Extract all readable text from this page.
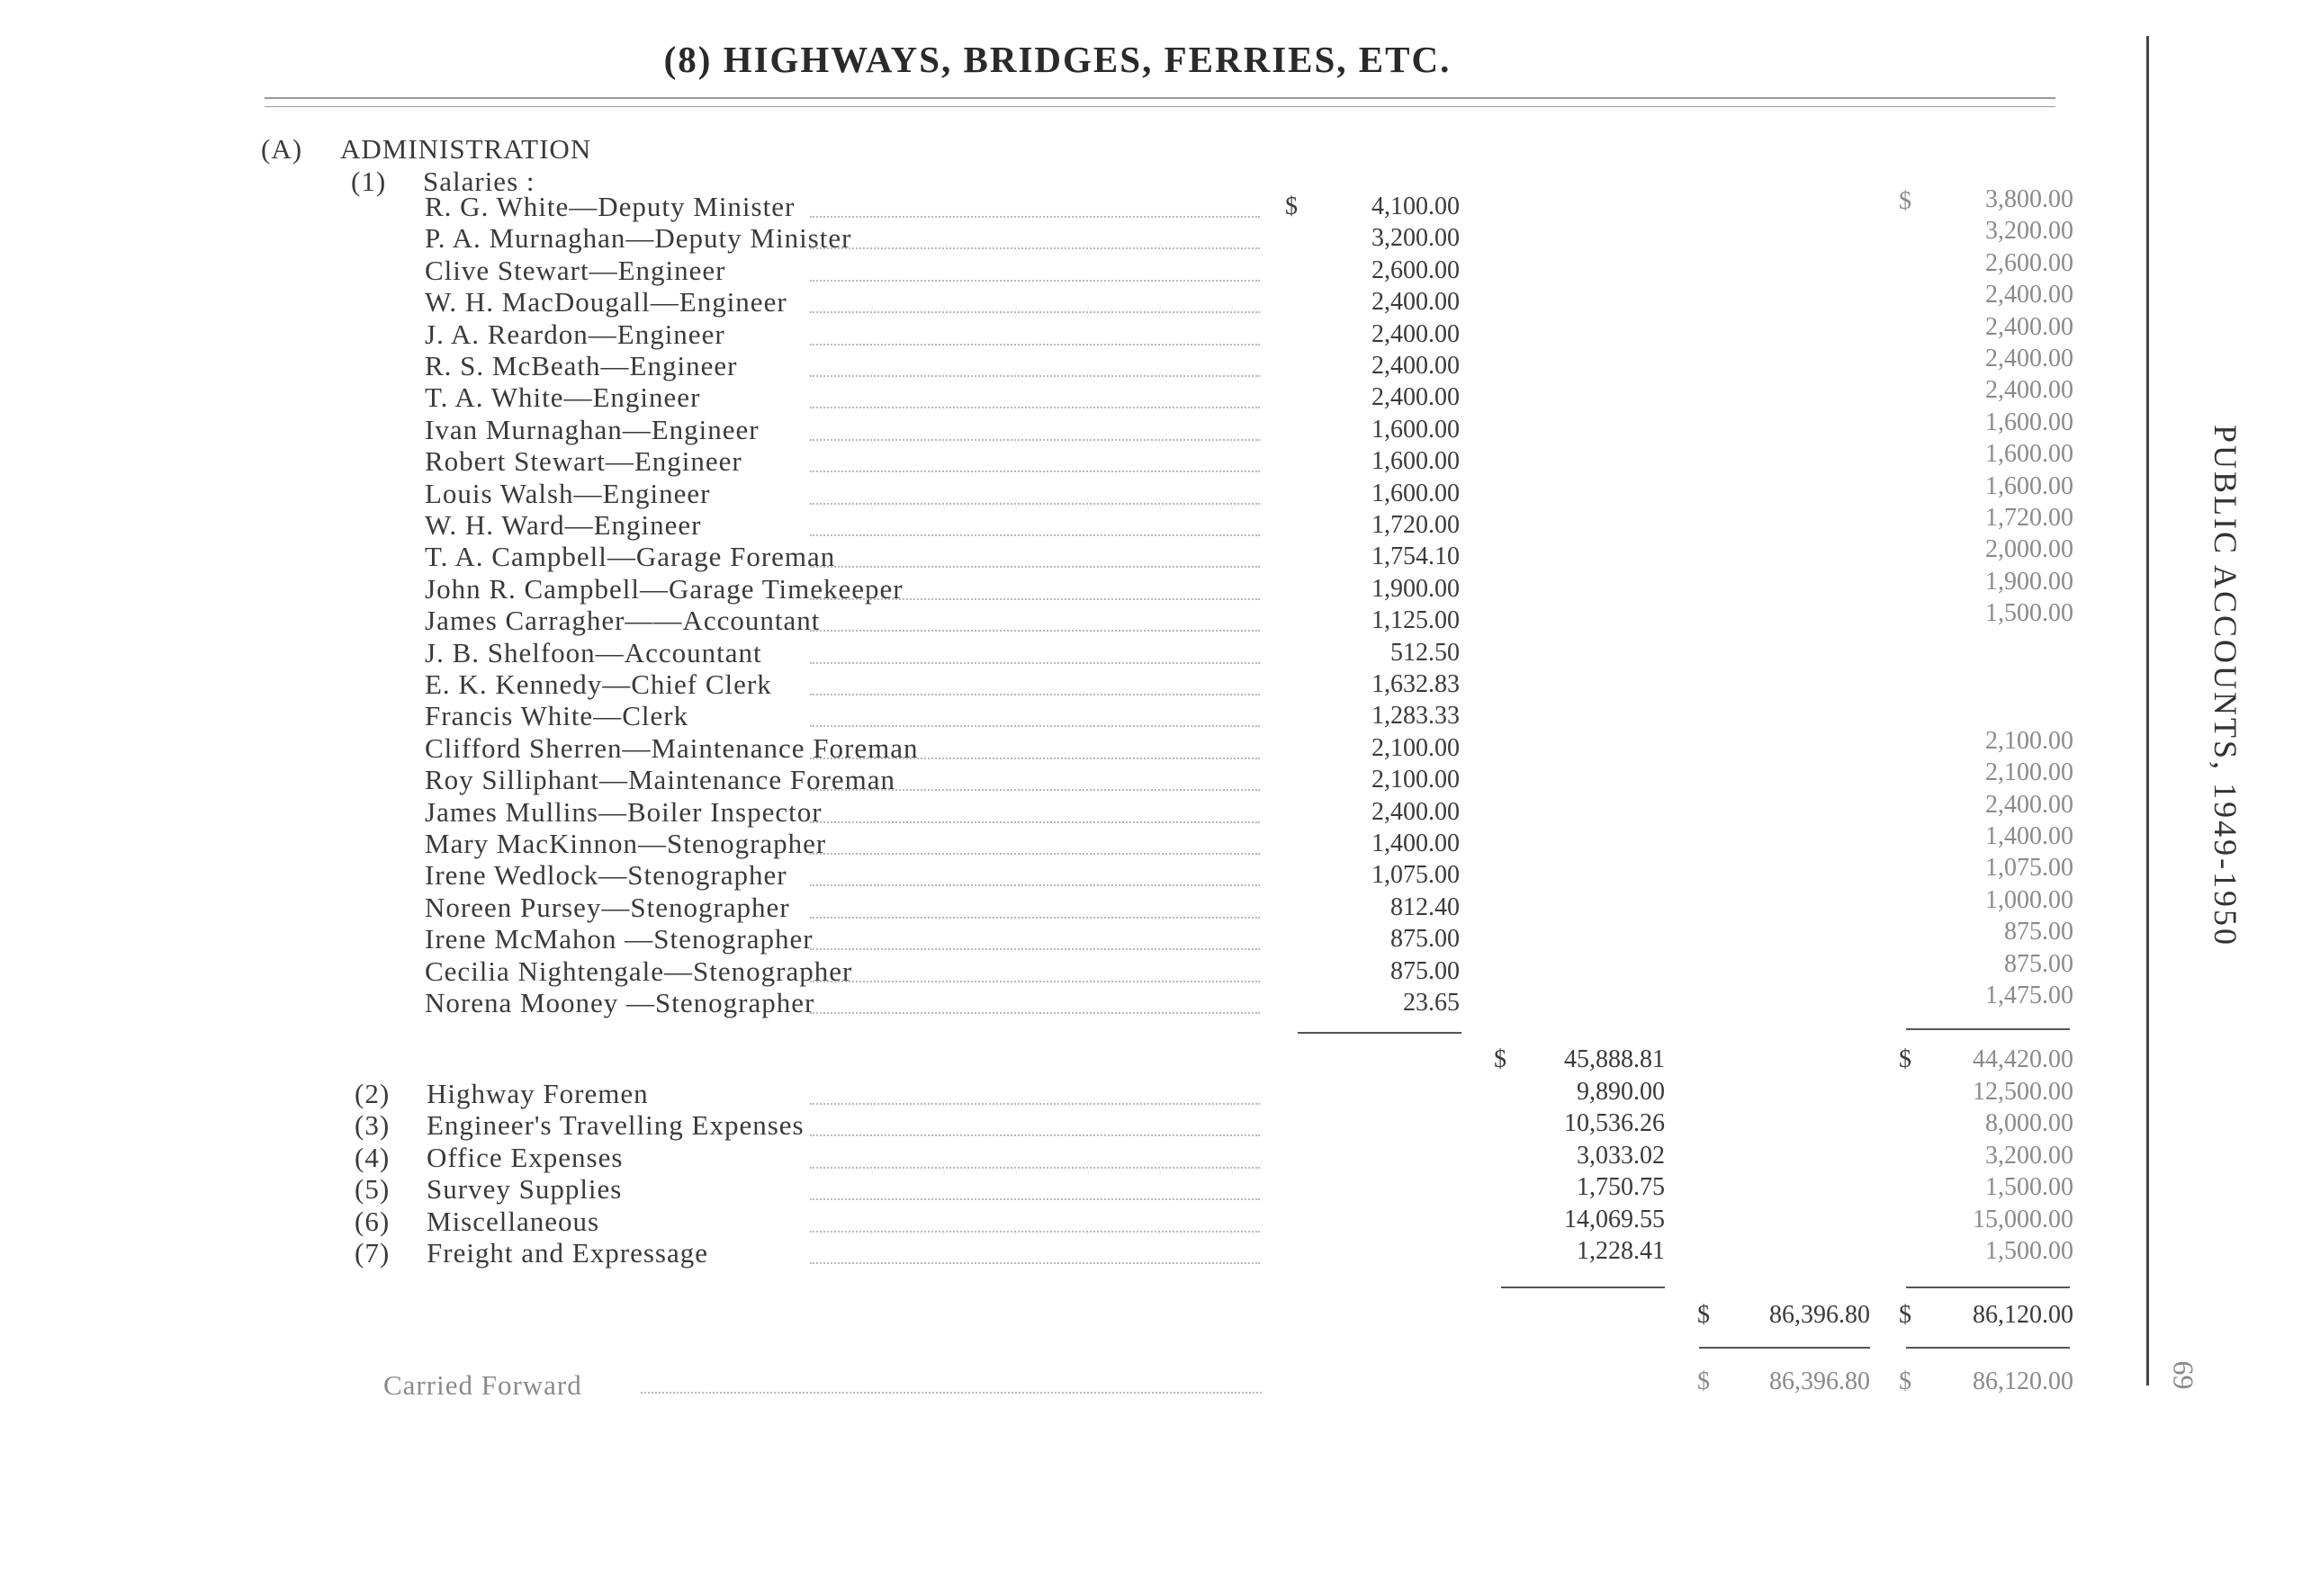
(8) HIGHWAYS, BRIDGES, FERRIES, ETC.
(A) ADMINISTRATION
(1) Salaries :
$	$
R. G. White—Deputy Minister	4,100.00	3,800.00
P. A. Murnaghan—Deputy Minister	3,200.00	3,200.00
Clive Stewart—Engineer	2,600.00	2,600.00
W. H. MacDougall—Engineer	2,400.00	2,400.00
J. A. Reardon—Engineer	2,400.00	2,400.00
R. S. McBeath—Engineer	2,400.00	2,400.00
T. A. White—Engineer	2,400.00	2,400.00
Ivan Murnaghan—Engineer	1,600.00	1,600.00
Robert Stewart—Engineer	1,600.00	1,600.00
Louis Walsh—Engineer	1,600.00	1,600.00
W. H. Ward—Engineer	1,720.00	1,720.00
T. A. Campbell—Garage Foreman	1,754.10	2,000.00
John R. Campbell—Garage Timekeeper	1,900.00	1,900.00
James Carragher——Accountant	1,125.00	1,500.00
J. B. Shelfoon—Accountant	512.50
E. K. Kennedy—Chief Clerk	1,632.83
Francis White—Clerk	1,283.33
Clifford Sherren—Maintenance Foreman	2,100.00	2,100.00
Roy Silliphant—Maintenance Foreman	2,100.00	2,100.00
James Mullins—Boiler Inspector	2,400.00	2,400.00
Mary MacKinnon—Stenographer	1,400.00	1,400.00
Irene Wedlock—Stenographer	1,075.00	1,075.00
Noreen Pursey—Stenographer	812.40	1,000.00
Irene McMahon —Stenographer	875.00	875.00
Cecilia Nightengale—Stenographer	875.00	875.00
Norena Mooney —Stenographer	23.65	1,475.00
$	45,888.81	$	44,420.00
(2) Highway Foremen	9,890.00	12,500.00
(3) Engineer's Travelling Expenses	10,536.26	8,000.00
(4) Office Expenses	3,033.02	3,200.00
(5) Survey Supplies	1,750.75	1,500.00
(6) Miscellaneous	14,069.55	15,000.00
(7) Freight and Expressage	1,228.41	1,500.00
$	86,396.80 $	86,120.00
Carried Forward	$	86,396.80 $	86,120.00
PUBLIC ACCOUNTS, 1949-1950
69
